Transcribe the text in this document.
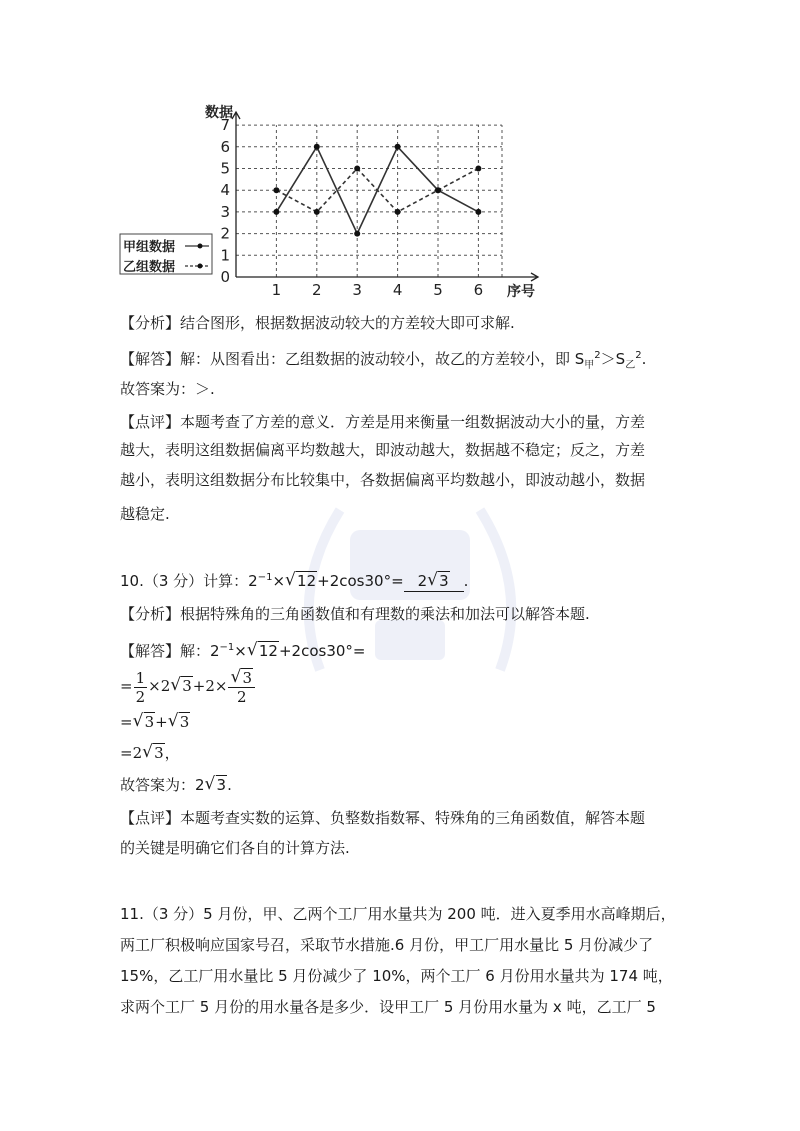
0
1
2
3
4
5
6
7
1 2 3 4 5 6
数据
序号
甲组数据
乙组数据
【分析】结合图形，根据数据波动较大的方差较大即可求解.
【解答】解：从图看出：乙组数据的波动较小，故乙的方差较小，即 $S_甲^2>S_乙^2$.
故答案为：＞.
【点评】本题考查了方差的意义．方差是用来衡量一组数据波动大小的量，方差
越大，表明这组数据偏离平均数越大，即波动越大，数据越不稳定；反之，方差
越小，表明这组数据分布比较集中，各数据偏离平均数越小，即波动越小，数据
越稳定.
10.（3 分）计算：$2^{-1}\times√$ 12+2cos30°= 2√ 3 .
【分析】根据特殊角的三角函数值和有理数的乘法和加法可以解答本题.
【解答】解：$2^{-1}\times√$ 12+2cos30°=
= $\frac{1}{2} \times 2√$ 3+2×
√ $\frac{3}{2}$
=√ 3+√ 3
=2√ 3，
故答案为：2√ 3.
【点评】本题考查实数的运算、负整数指数幂、特殊角的三角函数值，解答本题
的关键是明确它们各自的计算方法.
11.（3 分）5 月份，甲、乙两个工厂用水量共为 200 吨．进入夏季用水高峰期后，
两工厂积极响应国家号召，采取节水措施.6 月份，甲工厂用水量比 5 月份减少了
15%，乙工厂用水量比 5 月份减少了 10%，两个工厂 6 月份用水量共为 174 吨，
求两个工厂 5 月份的用水量各是多少．设甲工厂 5 月份用水量为 x 吨，乙工厂 5
